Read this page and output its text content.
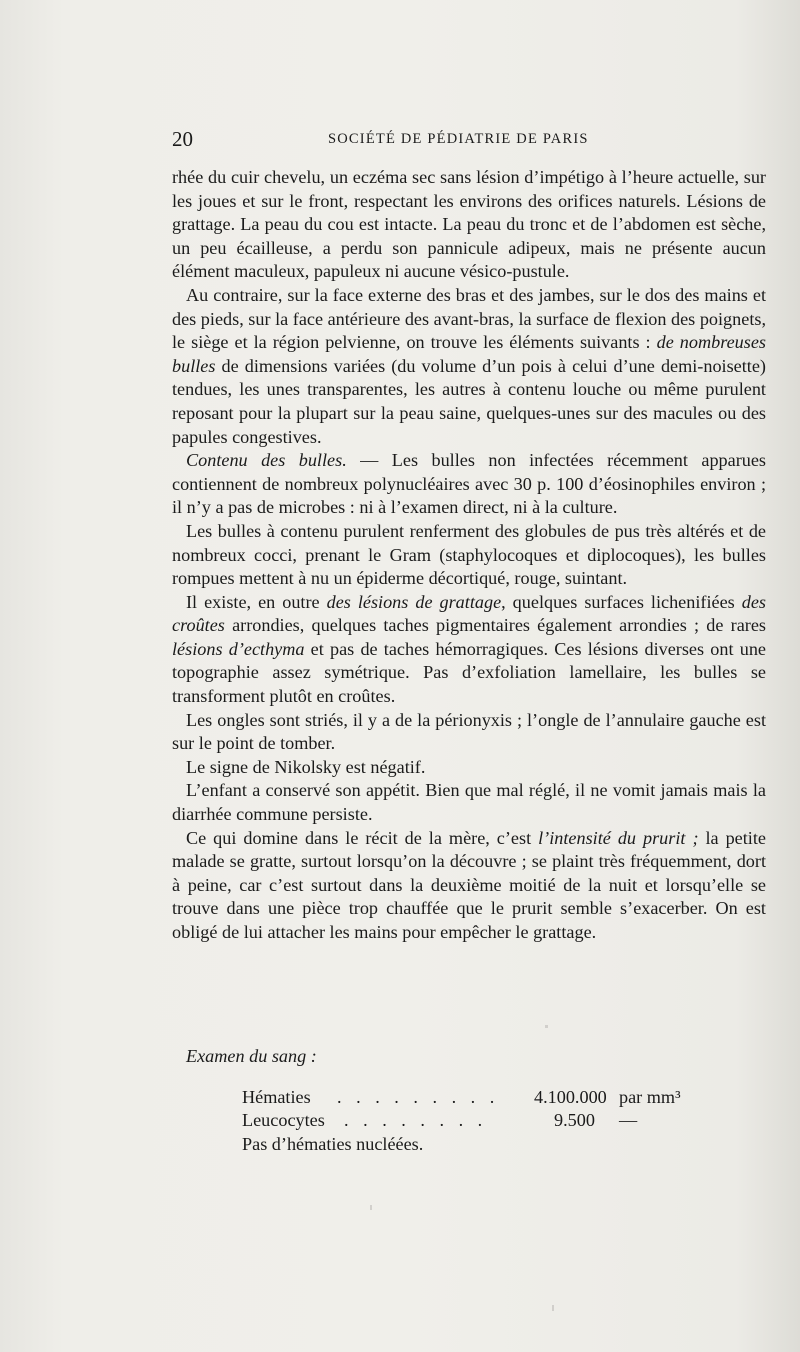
20	SOCIÉTÉ DE PÉDIATRIE DE PARIS

rhée du cuir chevelu, un eczéma sec sans lésion d’impétigo à l’heure actuelle, sur les joues et sur le front, respectant les environs des orifices naturels. Lésions de grattage. La peau du cou est intacte. La peau du tronc et de l’abdomen est sèche, un peu écailleuse, a perdu son pannicule adipeux, mais ne présente aucun élément maculeux, papuleux ni aucune vésico-pustule.

Au contraire, sur la face externe des bras et des jambes, sur le dos des mains et des pieds, sur la face antérieure des avant-bras, la surface de flexion des poignets, le siège et la région pelvienne, on trouve les éléments suivants : de nombreuses bulles de dimensions variées (du volume d’un pois à celui d’une demi-noisette) tendues, les unes transparentes, les autres à contenu louche ou même purulent reposant pour la plupart sur la peau saine, quelques-unes sur des macules ou des papules congestives.

Contenu des bulles. — Les bulles non infectées récemment apparues contiennent de nombreux polynucléaires avec 30 p. 100 d’éosinophiles environ ; il n’y a pas de microbes : ni à l’examen direct, ni à la culture.

Les bulles à contenu purulent renferment des globules de pus très altérés et de nombreux cocci, prenant le Gram (staphylocoques et diplocoques), les bulles rompues mettent à nu un épiderme décortiqué, rouge, suintant.

Il existe, en outre des lésions de grattage, quelques surfaces lichenifiées des croûtes arrondies, quelques taches pigmentaires également arrondies ; de rares lésions d’ecthyma et pas de taches hémorragiques. Ces lésions diverses ont une topographie assez symétrique. Pas d’exfoliation lamellaire, les bulles se transforment plutôt en croûtes.

Les ongles sont striés, il y a de la périonyxis ; l’ongle de l’annulaire gauche est sur le point de tomber.

Le signe de Nikolsky est négatif.

L’enfant a conservé son appétit. Bien que mal réglé, il ne vomit jamais mais la diarrhée commune persiste.

Ce qui domine dans le récit de la mère, c’est l’intensité du prurit ; la petite malade se gratte, surtout lorsqu’on la découvre ; se plaint très fréquemment, dort à peine, car c’est surtout dans la deuxième moitié de la nuit et lorsqu’elle se trouve dans une pièce trop chauffée que le prurit semble s’exacerber. On est obligé de lui attacher les mains pour empêcher le grattage.

Examen du sang :
Hématies . . . . . . . . . 4.100.000 par mm³
Leucocytes . . . . . . . .	9.500 —
Pas d’hématies nucléées.
